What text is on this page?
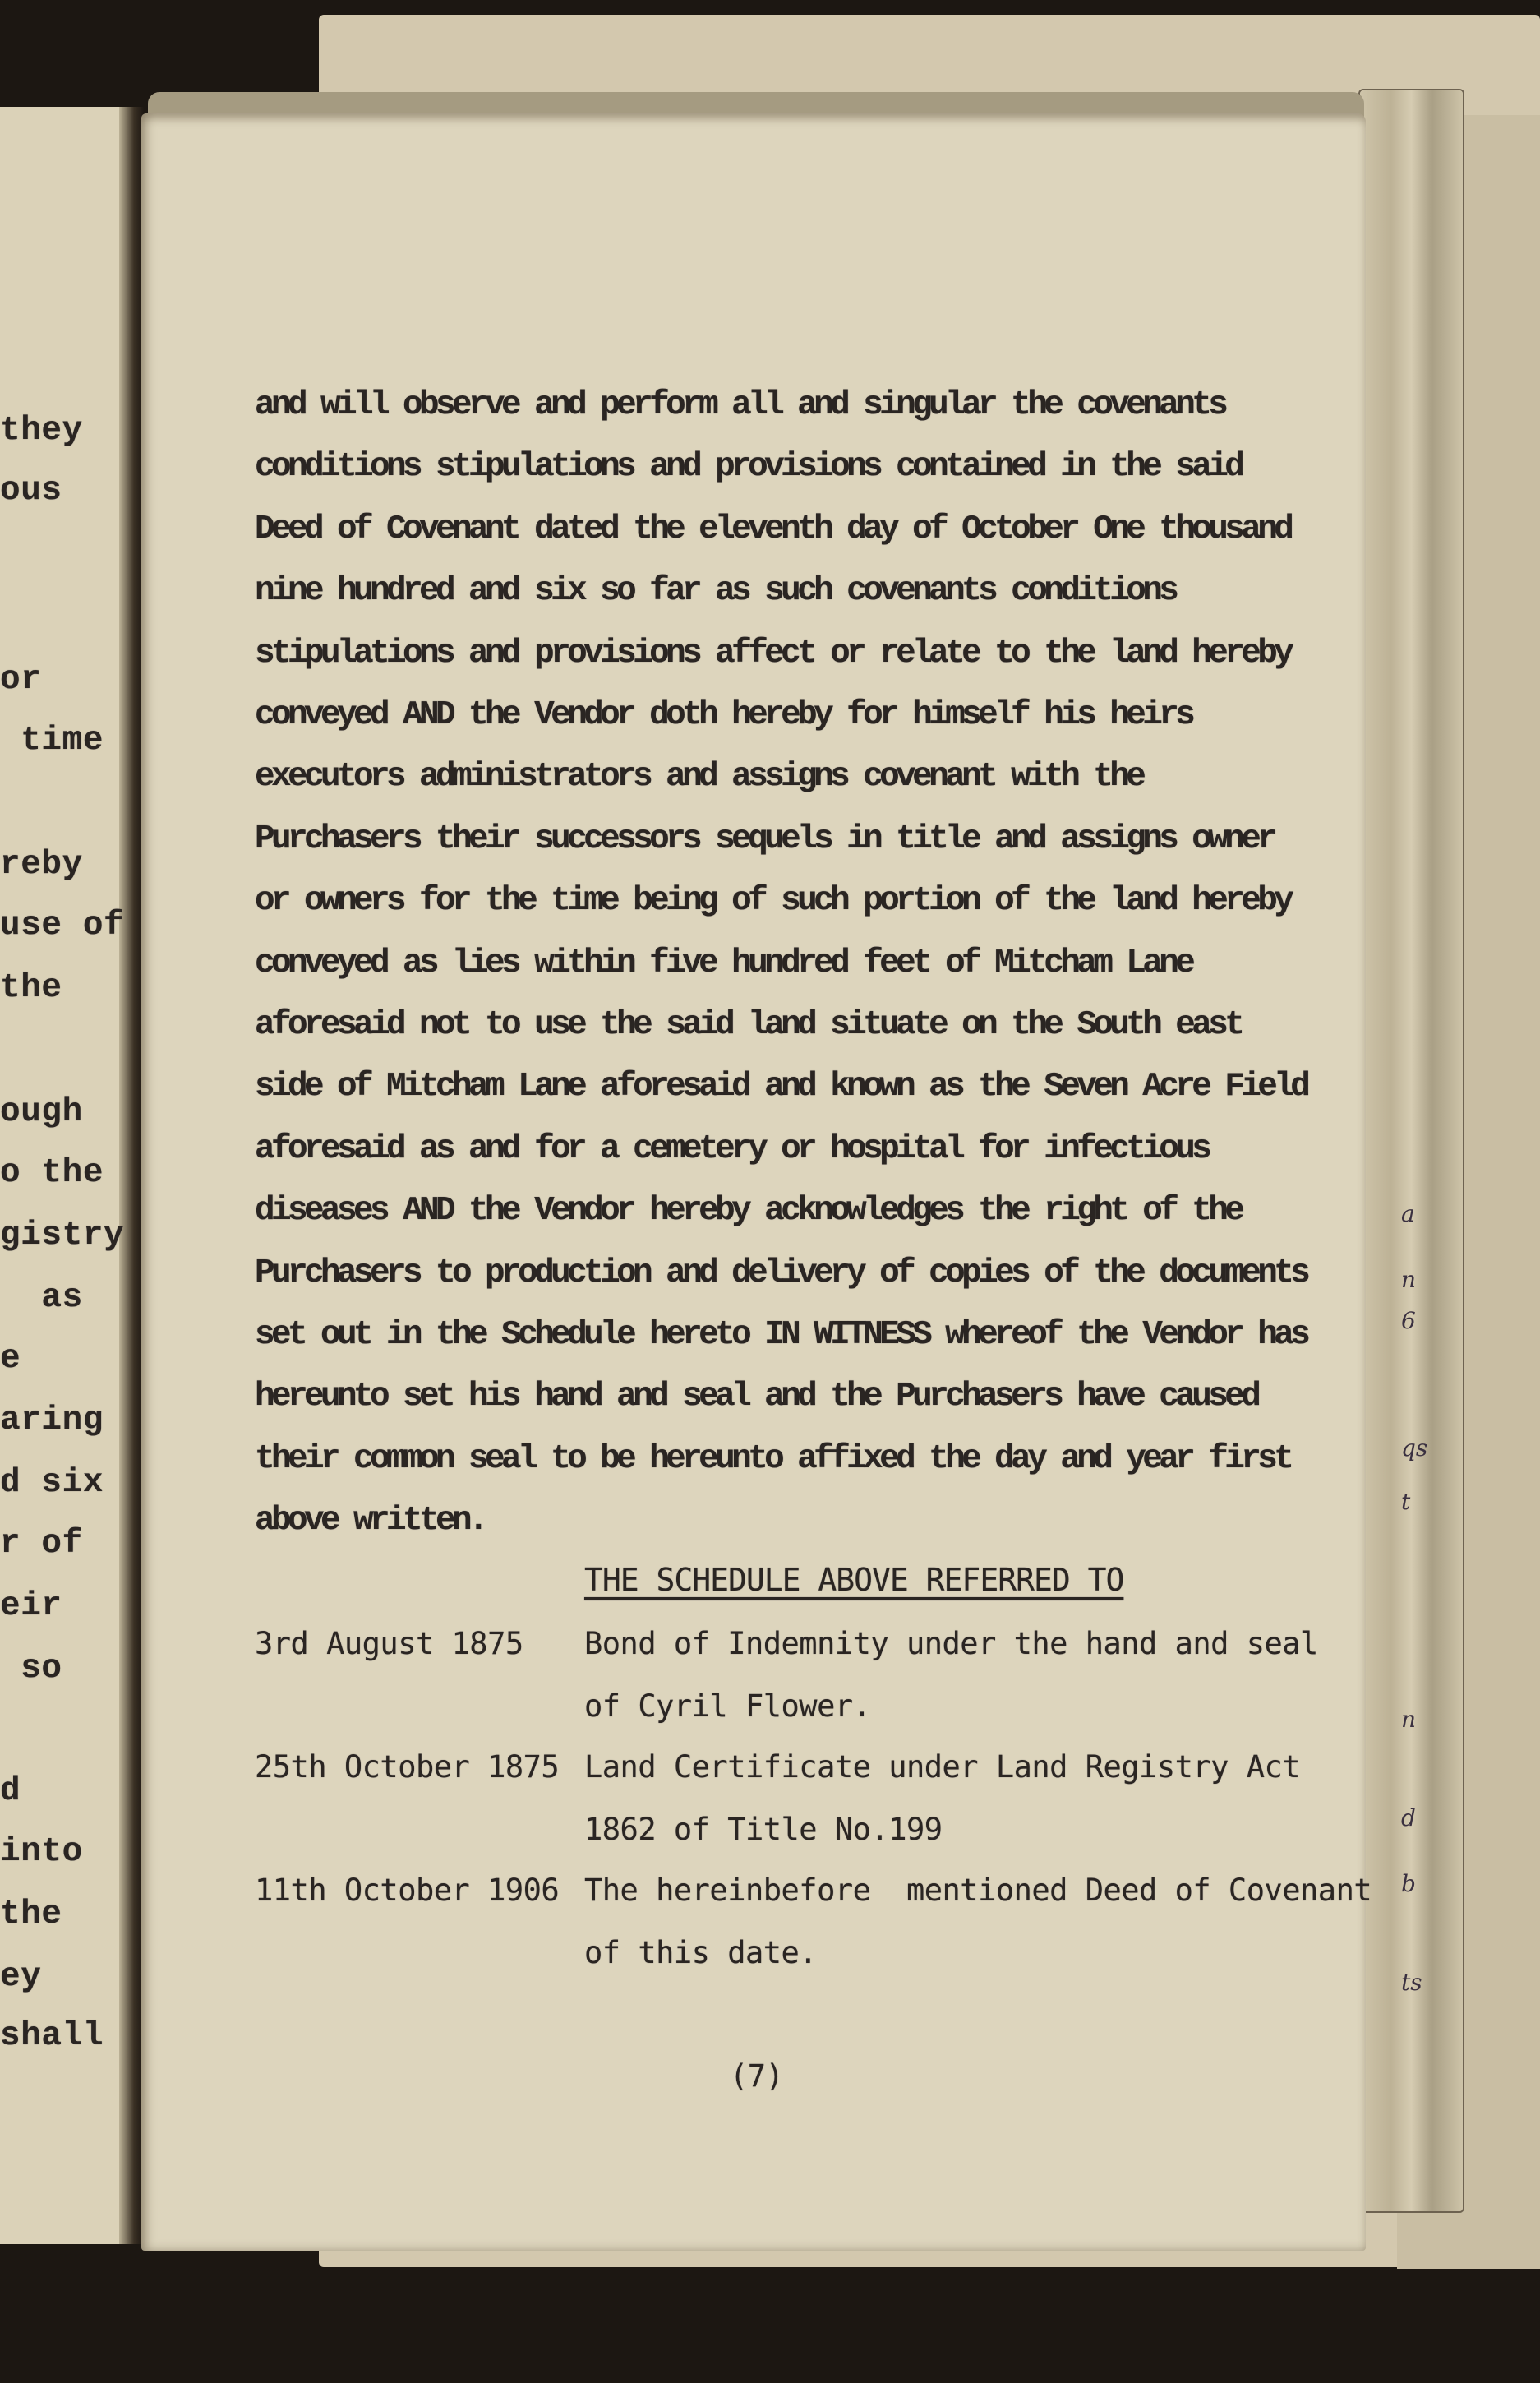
they
ous
or
time
reby
use of
the
ough
o the
gistry
as
e
aring
d six
r of
eir
so
d
into
the
ey
shall
and will observe and perform all and singular the covenants
conditions stipulations and provisions contained in the said
Deed of Covenant dated the eleventh day of October One thousand
nine hundred and six so far as such covenants conditions
stipulations and provisions affect or relate to the land hereby
conveyed AND the Vendor doth hereby for himself his heirs
executors administrators and assigns covenant with the
Purchasers their successors sequels in title and assigns owner
or owners for the time being of such portion of the land hereby
conveyed as lies within five hundred feet of Mitcham Lane
aforesaid not to use the said land situate on the South east
side of Mitcham Lane aforesaid and known as the Seven Acre Field
aforesaid as and for a cemetery or hospital for infectious
diseases AND the Vendor hereby acknowledges the right of the
Purchasers to production and delivery of copies of the documents
set out in the Schedule hereto IN WITNESS whereof the Vendor has
hereunto set his hand and seal and the Purchasers have caused
their common seal to be hereunto affixed the day and year first
above written.
THE SCHEDULE ABOVE REFERRED TO
3rd August 1875 Bond of Indemnity under the hand and seal
of Cyril Flower.
25th October 1875 Land Certificate under Land Registry Act
1862 of Title No.199
11th October 1906 The hereinbefore  mentioned Deed of Covenant
of this date.
(7)
a
n
6
qs
t
n
d
b
ts
